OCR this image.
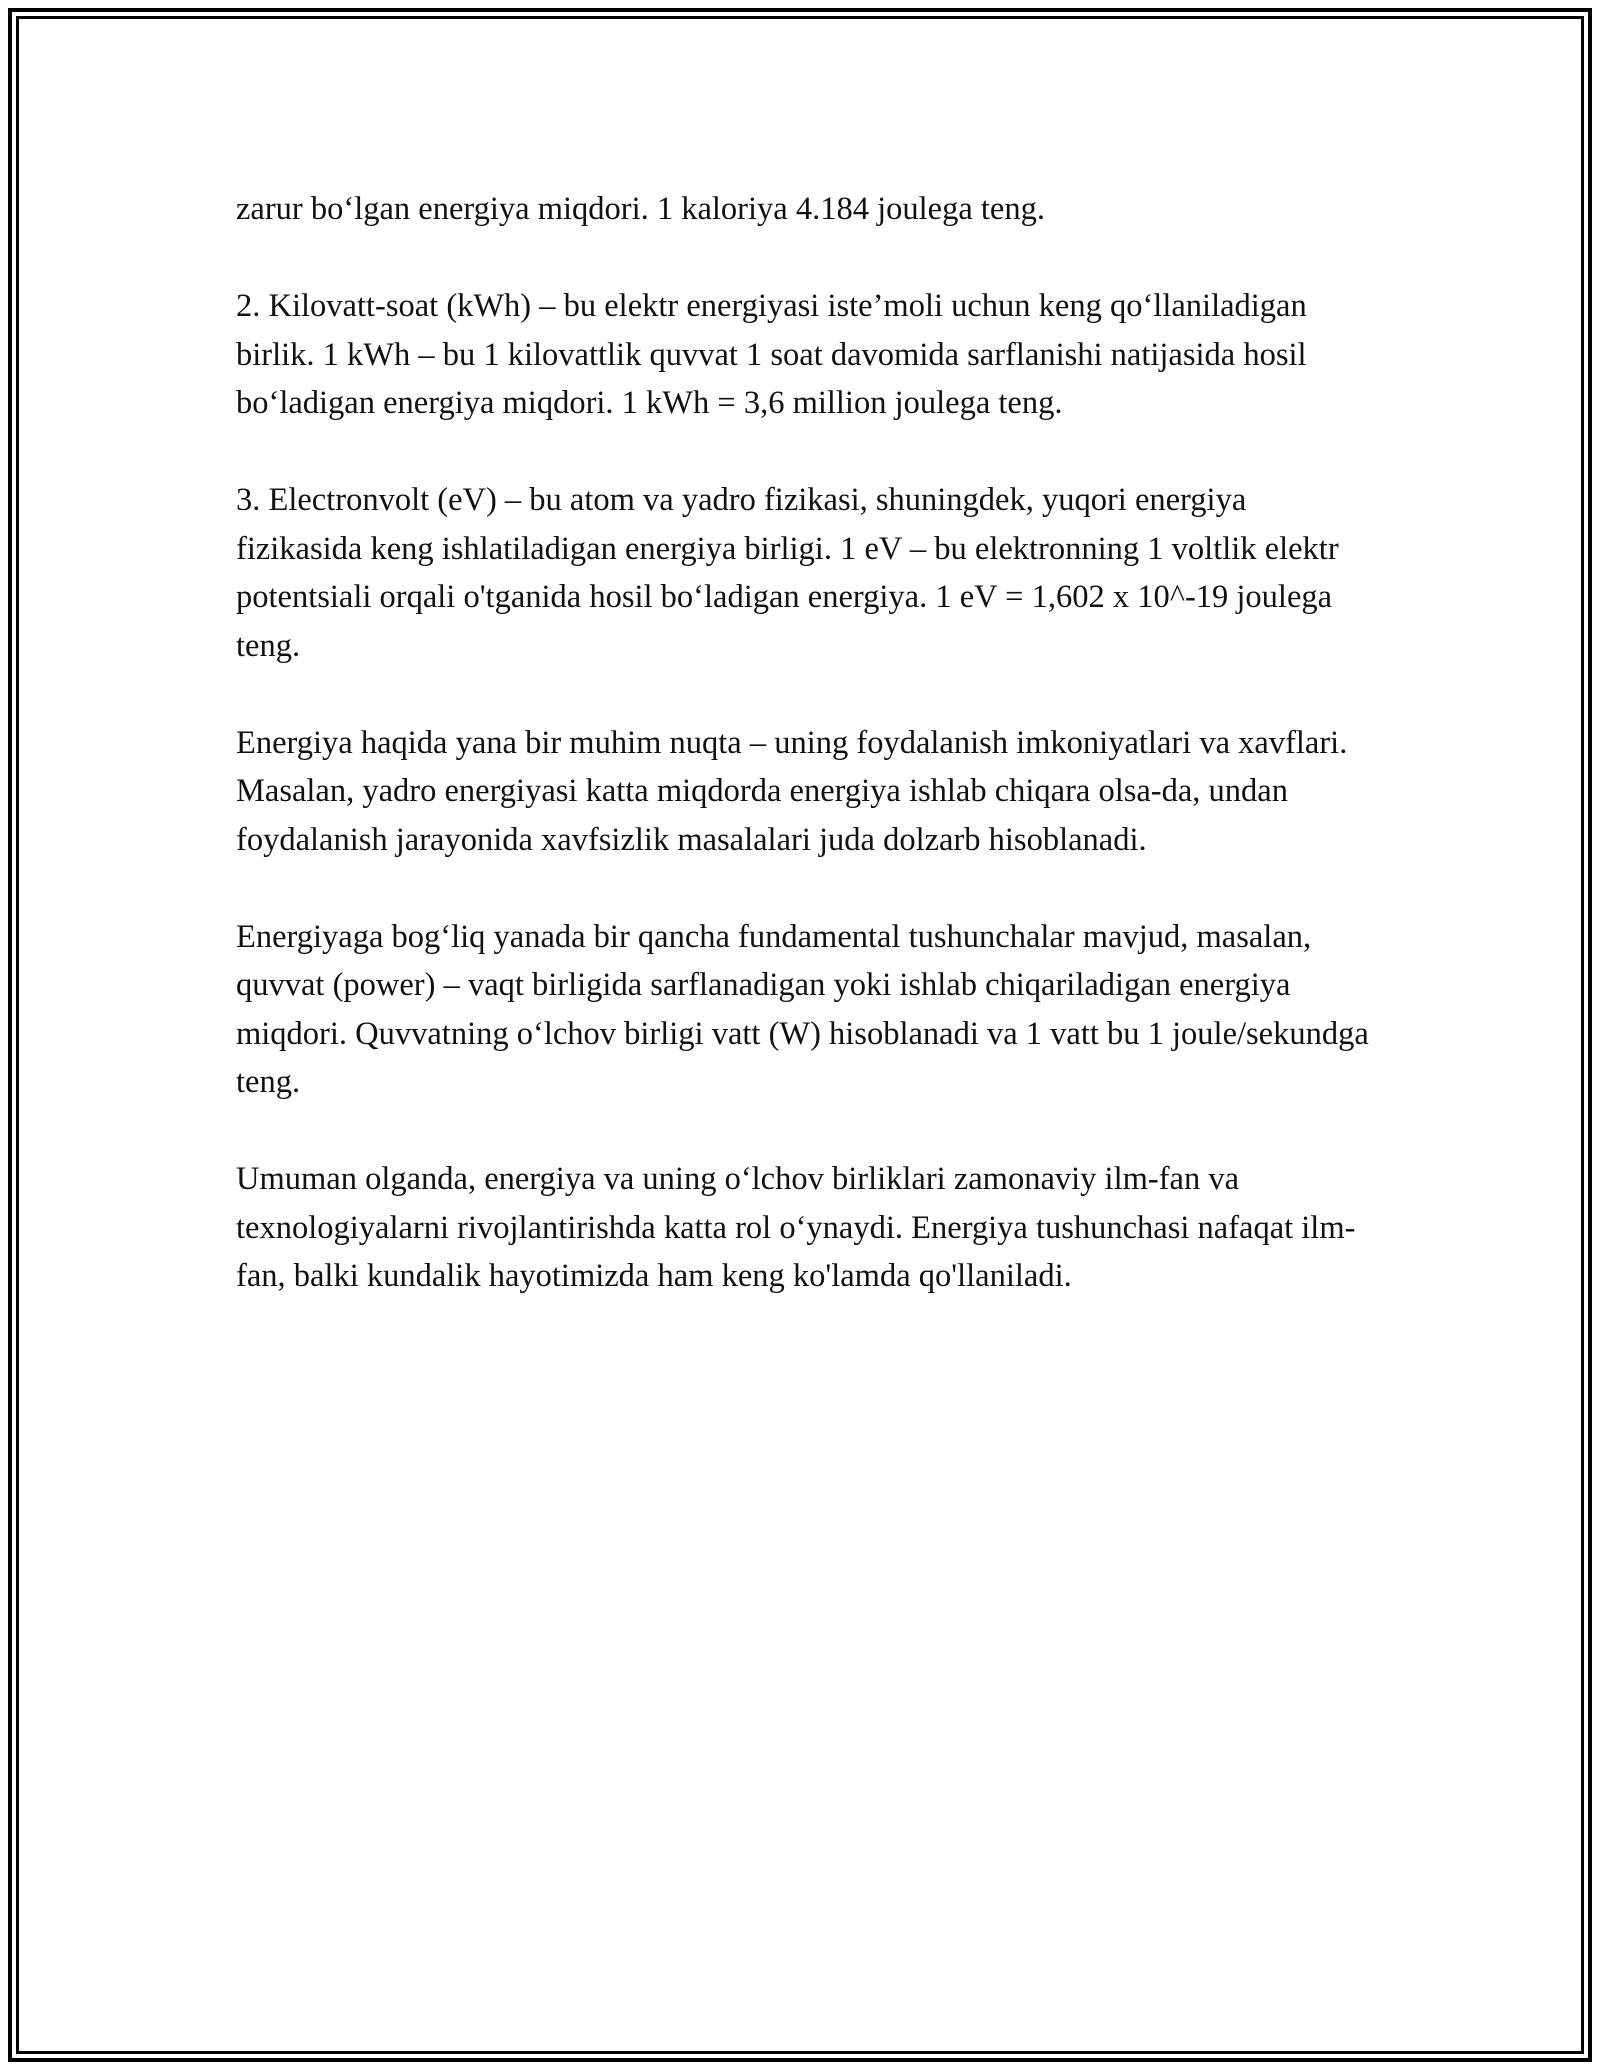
zarur bo‘lgan energiya miqdori. 1 kaloriya 4.184 joulega teng.

2. Kilovatt-soat (kWh) – bu elektr energiyasi iste’moli uchun keng qo‘llaniladigan birlik. 1 kWh – bu 1 kilovattlik quvvat 1 soat davomida sarflanishi natijasida hosil bo‘ladigan energiya miqdori. 1 kWh = 3,6 million joulega teng.

3. Electronvolt (eV) – bu atom va yadro fizikasi, shuningdek, yuqori energiya fizikasida keng ishlatiladigan energiya birligi. 1 eV – bu elektronning 1 voltlik elektr potentsiali orqali o'tganida hosil bo‘ladigan energiya. 1 eV = 1,602 x 10^-19 joulega teng.

Energiya haqida yana bir muhim nuqta – uning foydalanish imkoniyatlari va xavflari. Masalan, yadro energiyasi katta miqdorda energiya ishlab chiqara olsa-da, undan foydalanish jarayonida xavfsizlik masalalari juda dolzarb hisoblanadi.

Energiyaga bog‘liq yanada bir qancha fundamental tushunchalar mavjud, masalan, quvvat (power) – vaqt birligida sarflanadigan yoki ishlab chiqariladigan energiya miqdori. Quvvatning o‘lchov birligi vatt (W) hisoblanadi va 1 vatt bu 1 joule/sekundga teng.

Umuman olganda, energiya va uning o‘lchov birliklari zamonaviy ilm-fan va texnologiyalarni rivojlantirishda katta rol o‘ynaydi. Energiya tushunchasi nafaqat ilm-fan, balki kundalik hayotimizda ham keng ko'lamda qo'llaniladi.
